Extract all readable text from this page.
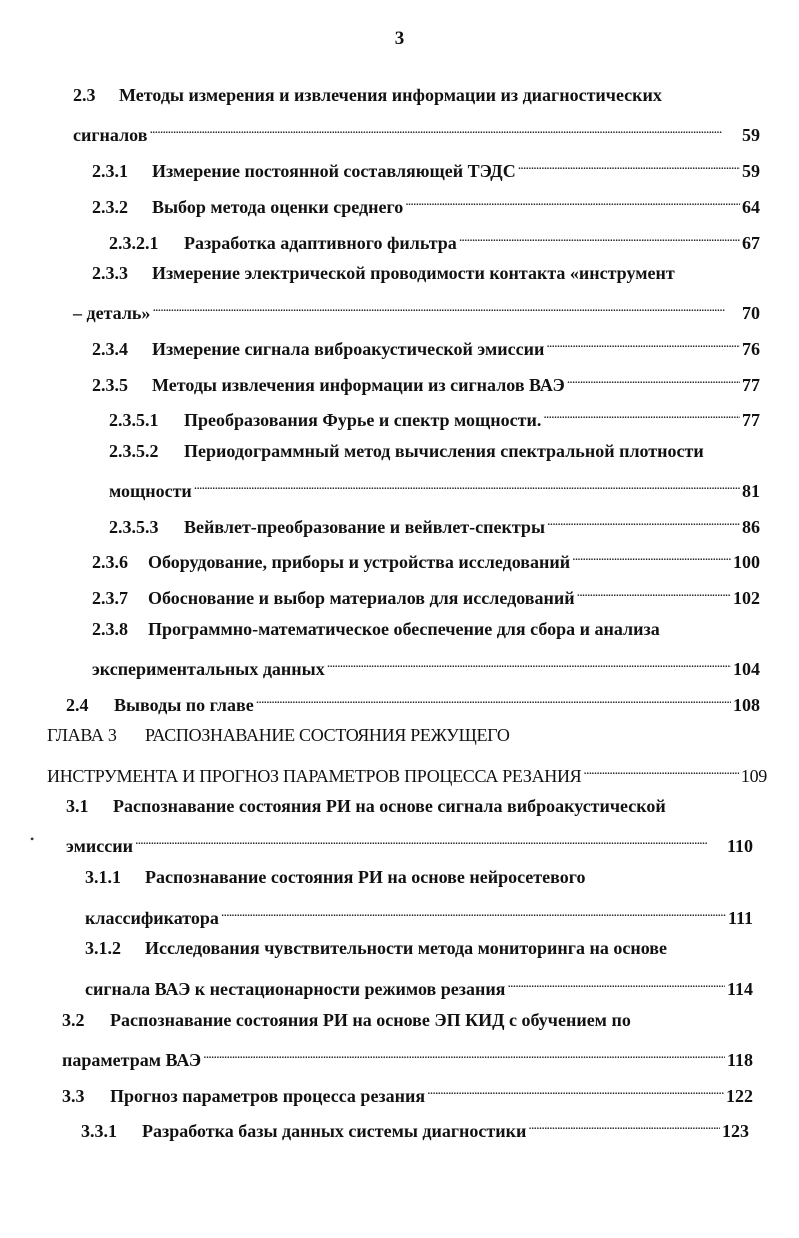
3
2.3	Методы измерения и извлечения информации из диагностических
сигналов . . .	59
2.3.1	Измерение постоянной составляющей ТЭДС . . .	59
2.3.2	Выбор метода оценки среднего . . .	64
2.3.2.1	Разработка адаптивного фильтра . . .	67
2.3.3	Измерение электрической проводимости контакта «инструмент
– деталь» . . .	70
2.3.4	Измерение сигнала виброакустической эмиссии . . .	76
2.3.5	Методы извлечения информации из сигналов ВАЭ . . .	77
2.3.5.1	Преобразования Фурье и спектр мощности. . . .	77
2.3.5.2	Периодограммный метод вычисления спектральной плотности
мощности . . .	81
2.3.5.3	Вейвлет-преобразование и вейвлет-спектры . . .	86
2.3.6	Оборудование, приборы и устройства исследований . . .	100
2.3.7	Обоснование и выбор материалов для исследований . . .	102
2.3.8	Программно-математическое обеспечение для сбора и анализа
экспериментальных данных . . .	104
2.4	Выводы по главе . . .	108
ГЛАВА 3	РАСПОЗНАВАНИЕ СОСТОЯНИЯ РЕЖУЩЕГО
ИНСТРУМЕНТА И ПРОГНОЗ ПАРАМЕТРОВ ПРОЦЕССА РЕЗАНИЯ . . .	109
3.1	Распознавание состояния РИ на основе сигнала виброакустической
эмиссии . . .	110
3.1.1	Распознавание состояния РИ на основе нейросетевого
классификатора . . .	111
3.1.2	Исследования чувствительности метода мониторинга на основе
сигнала ВАЭ к нестационарности режимов резания . . .	114
3.2	Распознавание состояния РИ на основе ЭП КИД с обучением по
параметрам ВАЭ . . .	118
3.3	Прогноз параметров процесса резания . . .	122
3.3.1	Разработка базы данных системы диагностики . . .	123
•
